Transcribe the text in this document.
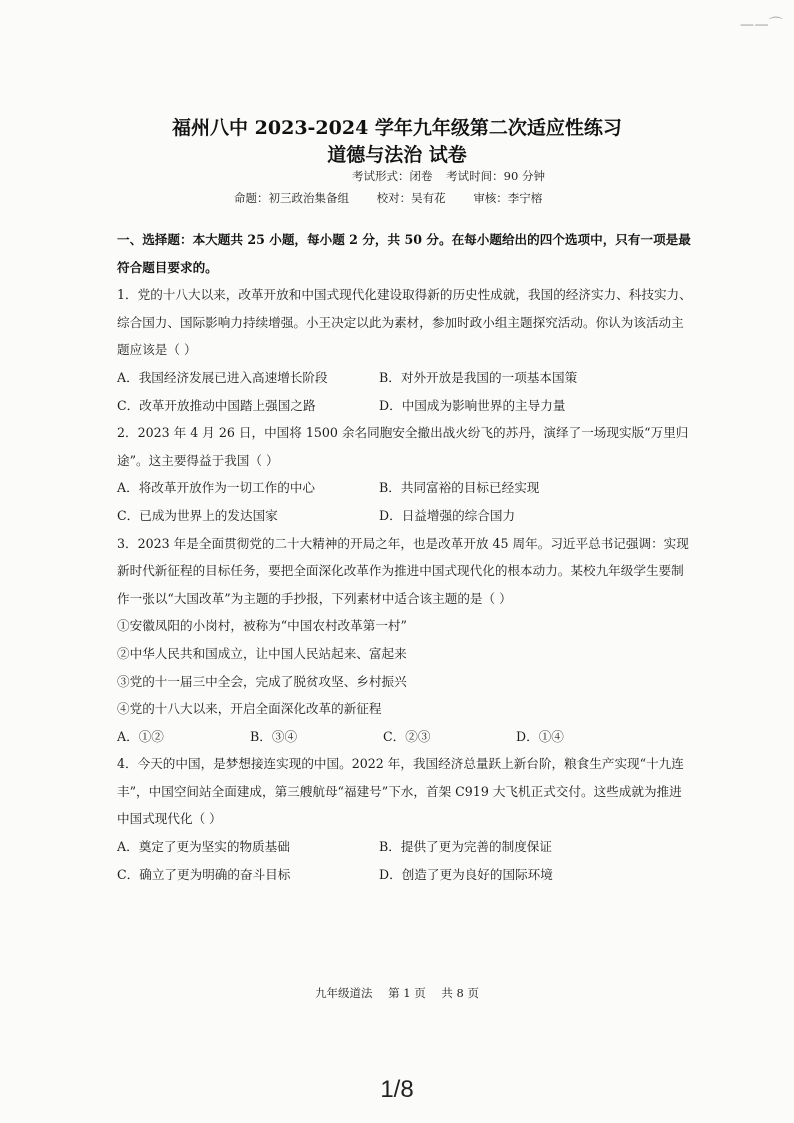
— — ⌒
福州八中 2023-2024 学年九年级第二次适应性练习
道德与法治 试卷
考试形式：闭卷 考试时间：90 分钟
命题：初三政治集备组 校对：吴有花 审核：李宁榕
一、选择题：本大题共 25 小题，每小题 2 分，共 50 分。在每小题给出的四个选项中，只有一项是最符合题目要求的。

1．党的十八大以来，改革开放和中国式现代化建设取得新的历史性成就，我国的经济实力、科技实力、综合国力、国际影响力持续增强。小王决定以此为素材，参加时政小组主题探究活动。你认为该活动主题应该是（ ）

A．我国经济发展已进入高速增长阶段	B．对外开放是我国的一项基本国策
C．改革开放推动中国踏上强国之路	D．中国成为影响世界的主导力量

2．2023 年 4 月 26 日，中国将 1500 余名同胞安全撤出战火纷飞的苏丹，演绎了一场现实版“万里归途”。这主要得益于我国（ ）

A．将改革开放作为一切工作的中心	B．共同富裕的目标已经实现
C．已成为世界上的发达国家	D．日益增强的综合国力

3．2023 年是全面贯彻党的二十大精神的开局之年，也是改革开放 45 周年。习近平总书记强调：实现新时代新征程的目标任务，要把全面深化改革作为推进中国式现代化的根本动力。某校九年级学生要制作一张以“大国改革”为主题的手抄报，下列素材中适合该主题的是（ ）

①安徽凤阳的小岗村，被称为“中国农村改革第一村”

②中华人民共和国成立，让中国人民站起来、富起来

③党的十一届三中全会，完成了脱贫攻坚、乡村振兴

④党的十八大以来，开启全面深化改革的新征程

A．①②	B．③④	C．②③	D．①④

4．今天的中国，是梦想接连实现的中国。2022 年，我国经济总量跃上新台阶，粮食生产实现“十九连丰”，中国空间站全面建成，第三艘航母“福建号”下水，首架 C919 大飞机正式交付。这些成就为推进中国式现代化（ ）

A．奠定了更为坚实的物质基础	B．提供了更为完善的制度保证
C．确立了更为明确的奋斗目标	D．创造了更为良好的国际环境
九年级道法 第 1 页 共 8 页
1/8
